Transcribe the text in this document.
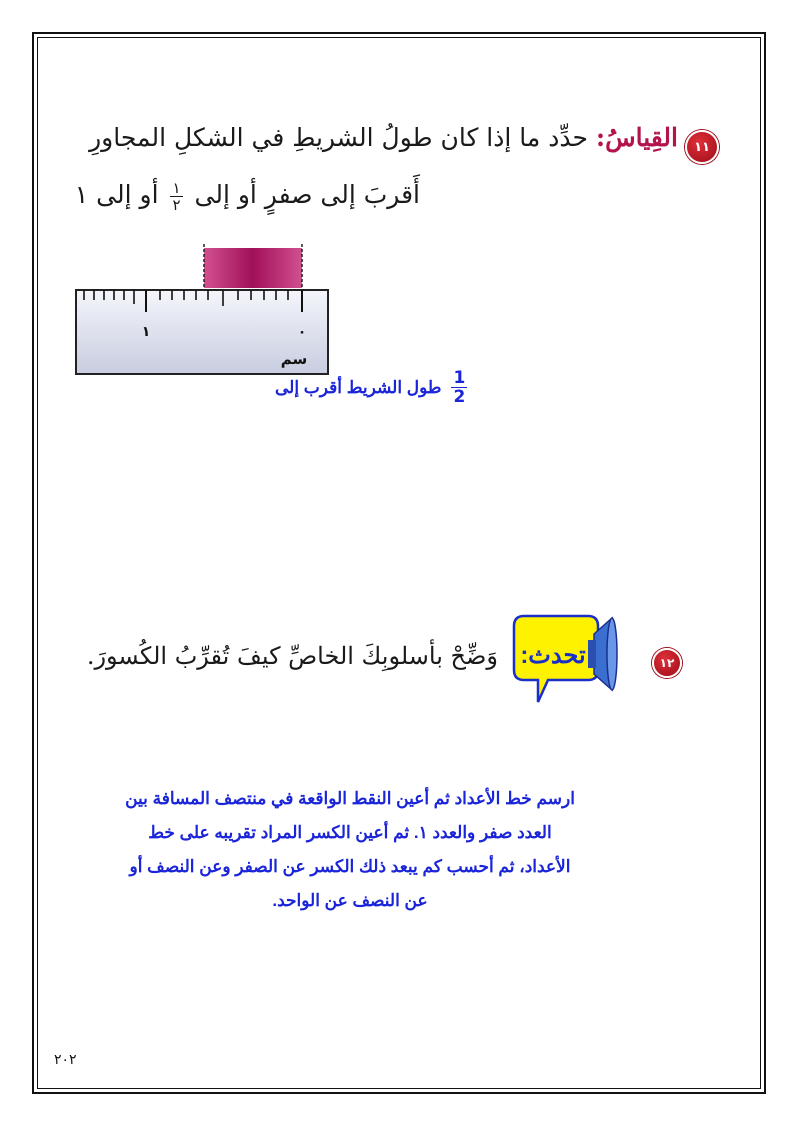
١١
القِياسُ: حدِّد ما إذا كان طولُ الشريطِ في الشكلِ المجاورِ
أَقربَ إلى صفرٍ أو إلى
$\frac{١}{٢}$
أو إلى ١
١	٠
سم
طول الشريط أقرب إلى $\frac{1}{2}$
١٢
تحدث:
وَضِّحْ بأسلوبِكَ الخاصِّ كيفَ تُقرِّبُ الكُسورَ.
ارسم خط الأعداد ثم أعين النقط الواقعة في منتصف المسافة بين
العدد صفر والعدد ١. ثم أعين الكسر المراد تقريبه على خط
الأعداد، ثم أحسب كم يبعد ذلك الكسر عن الصفر وعن النصف أو
عن النصف عن الواحد.
٢٠٢
